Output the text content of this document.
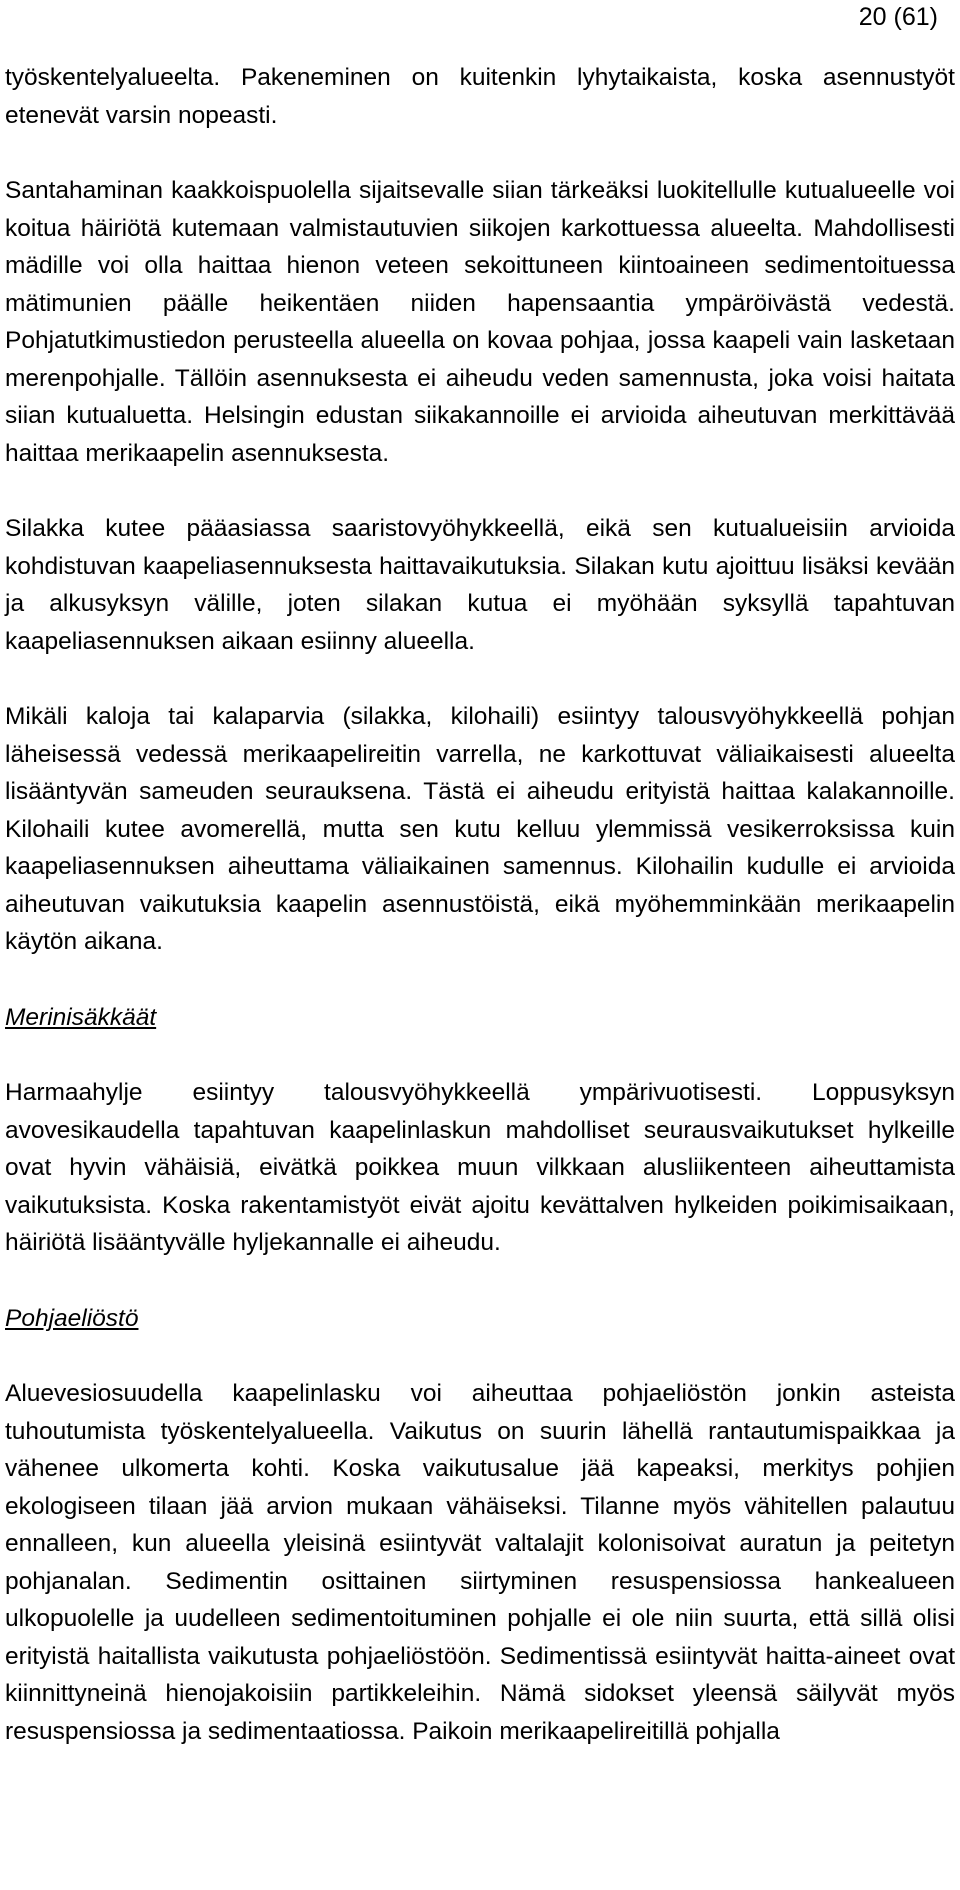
20 (61)

työskentelyalueelta. Pakeneminen on kuitenkin lyhytaikaista, koska asennustyöt etenevät varsin nopeasti.

Santahaminan kaakkoispuolella sijaitsevalle siian tärkeäksi luokitellulle kutualueelle voi koitua häiriötä kutemaan valmistautuvien siikojen karkottuessa alueelta. Mahdollisesti mädille voi olla haittaa hienon veteen sekoittuneen kiintoaineen sedimentoituessa mätimunien päälle heikentäen niiden hapensaantia ympäröivästä vedestä. Pohjatutkimustiedon perusteella alueella on kovaa pohjaa, jossa kaapeli vain lasketaan merenpohjalle. Tällöin asennuksesta ei aiheudu veden samennusta, joka voisi haitata siian kutualuetta. Helsingin edustan siikakannoille ei arvioida aiheutuvan merkittävää haittaa merikaapelin asennuksesta.

Silakka kutee pääasiassa saaristovyöhykkeellä, eikä sen kutualueisiin arvioida kohdistuvan kaapeliasennuksesta haittavaikutuksia. Silakan kutu ajoittuu lisäksi kevään ja alkusyksyn välille, joten silakan kutua ei myöhään syksyllä tapahtuvan kaapeliasennuksen aikaan esiinny alueella.

Mikäli kaloja tai kalaparvia (silakka, kilohaili) esiintyy talousvyöhykkeellä pohjan läheisessä vedessä merikaapelireitin varrella, ne karkottuvat väliaikaisesti alueelta lisääntyvän sameuden seurauksena. Tästä ei aiheudu erityistä haittaa kalakannoille. Kilohaili kutee avomerellä, mutta sen kutu kelluu ylemmissä vesikerroksissa kuin kaapeliasennuksen aiheuttama väliaikainen samennus. Kilohailin kudulle ei arvioida aiheutuvan vaikutuksia kaapelin asennustöistä, eikä myöhemminkään merikaapelin käytön aikana.

Merinisäkkäät

Harmaahylje esiintyy talousvyöhykkeellä ympärivuotisesti. Loppusyksyn avovesikaudella tapahtuvan kaapelinlaskun mahdolliset seurausvaikutukset hylkeille ovat hyvin vähäisiä, eivätkä poikkea muun vilkkaan alusliikenteen aiheuttamista vaikutuksista. Koska rakentamistyöt eivät ajoitu kevättalven hylkeiden poikimisaikaan, häiriötä lisääntyvälle hyljekannalle ei aiheudu.

Pohjaeliöstö

Aluevesiosuudella kaapelinlasku voi aiheuttaa pohjaeliöstön jonkin asteista tuhoutumista työskentelyalueella. Vaikutus on suurin lähellä rantautumispaikkaa ja vähenee ulkomerta kohti. Koska vaikutusalue jää kapeaksi, merkitys pohjien ekologiseen tilaan jää arvion mukaan vähäiseksi. Tilanne myös vähitellen palautuu ennalleen, kun alueella yleisinä esiintyvät valtalajit kolonisoivat auratun ja peitetyn pohjanalan. Sedimentin osittainen siirtyminen resuspensiossa hankealueen ulkopuolelle ja uudelleen sedimentoituminen pohjalle ei ole niin suurta, että sillä olisi erityistä haitallista vaikutusta pohjaeliöstöön. Sedimentissä esiintyvät haitta-aineet ovat kiinnittyneinä hienojakoisiin partikkeleihin. Nämä sidokset yleensä säilyvät myös resuspensiossa ja sedimentaatiossa. Paikoin merikaapelireitillä pohjalla
